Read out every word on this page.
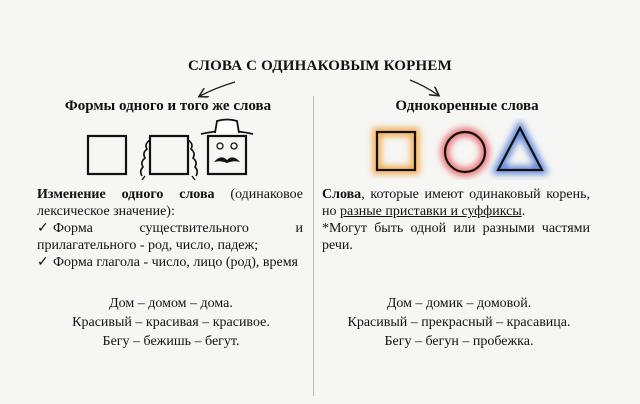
СЛОВА С ОДИНАКОВЫМ КОРНЕМ
Формы одного и того же слова	Однокоренные слова
Изменение одного слова (одинаковое лексическое значение):
✓ Форма существительного и прилагательного - род, число, падеж;
✓ Форма глагола - число, лицо (род), время
Слова, которые имеют одинаковый корень, но разные приставки и суффиксы.
*Могут быть одной или разными частями речи.
Дом – домом – дома.
Красивый – красивая – красивое.
Бегу – бежишь – бегут.
Дом – домик – домовой.
Красивый – прекрасный – красавица.
Бегу – бегун – пробежка.
